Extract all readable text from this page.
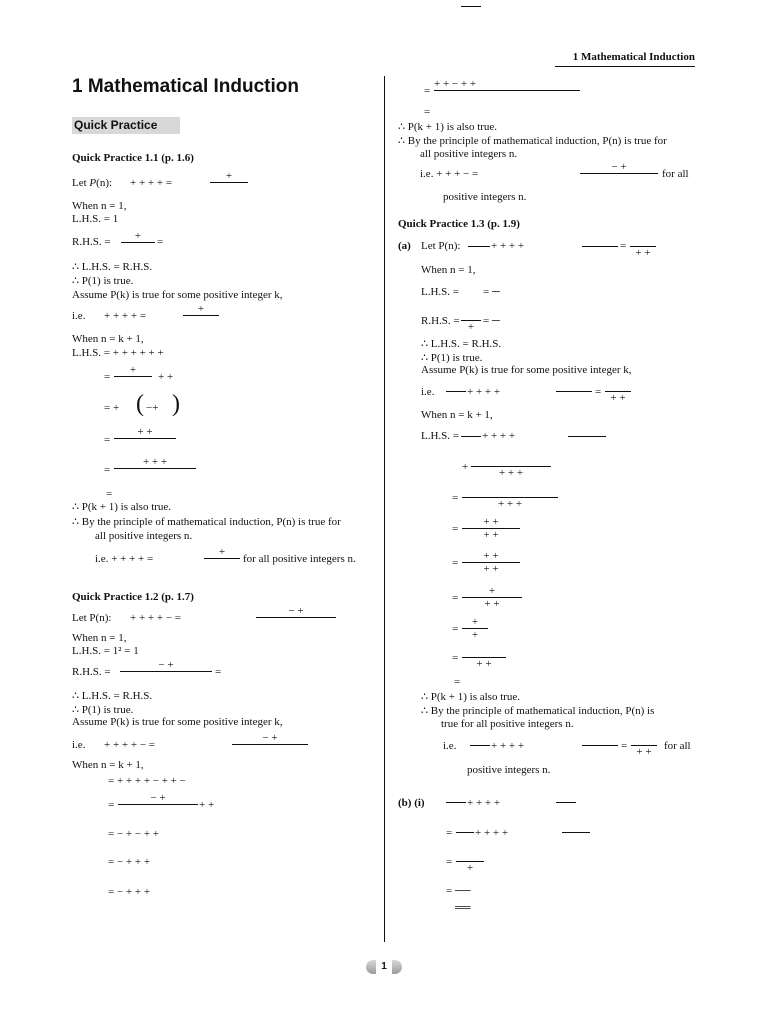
1 Mathematical Induction
1 Mathematical Induction
Quick Practice
Quick Practice 1.1 (p. 1.6)
Let P(n): + + + + =
+
When n = 1,
L.H.S. = 1
R.H.S. =	+	=
∴ L.H.S. = R.H.S.
∴ P(1) is true.
Assume P(k) is true for some positive integer k,
i.e. + + + + =
+
When n = k + 1,
L.H.S. = + + + + + +
=
+
+ +
= + ( −+ )
=
+ +
=
+ + +
=
∴ P(k + 1) is also true.
∴ By the principle of mathematical induction, P(n) is true for
all positive integers n.
i.e. + + + + =
+
for all positive integers n.
Quick Practice 1.2 (p. 1.7)
Let P(n): + + + + − =
− +
When n = 1,
L.H.S. = 1² = 1
R.H.S. =
− +
=
∴ L.H.S. = R.H.S.
∴ P(1) is true.
Assume P(k) is true for some positive integer k,
i.e. + + + + − =
− +
When n = k + 1,
= + + + + − + + −
=
− +
+ +
= − + − + +
= − + + +
= − + + +
=
+ + − + +
=
∴ P(k + 1) is also true.
∴ By the principle of mathematical induction, P(n) is true for
all positive integers n.
i.e. + + + − =
− +
for all
positive integers n.
Quick Practice 1.3 (p. 1.9)
(a) Let P(n):	+ + + +	=
+ +
When n = 1,
L.H.S. = = ─
R.H.S. = + = ─
∴ L.H.S. = R.H.S.
∴ P(1) is true.
Assume P(k) is true for some positive integer k,
i.e.	+ + + +	= + +
When n = k + 1,
L.H.S. = + + + +
+	+ + +
=	+ + +
=
+ +
+ +
=
+ +
+ +
=
+
+ +
=
+
+
=	+ +
=
∴ P(k + 1) is also true.
∴ By the principle of mathematical induction, P(n) is
true for all positive integers n.
i.e.	+ + + +	= + +	for all
positive integers n.
(b) (i)	+ + + +
= + + + +
=	+
= ──
══
1
